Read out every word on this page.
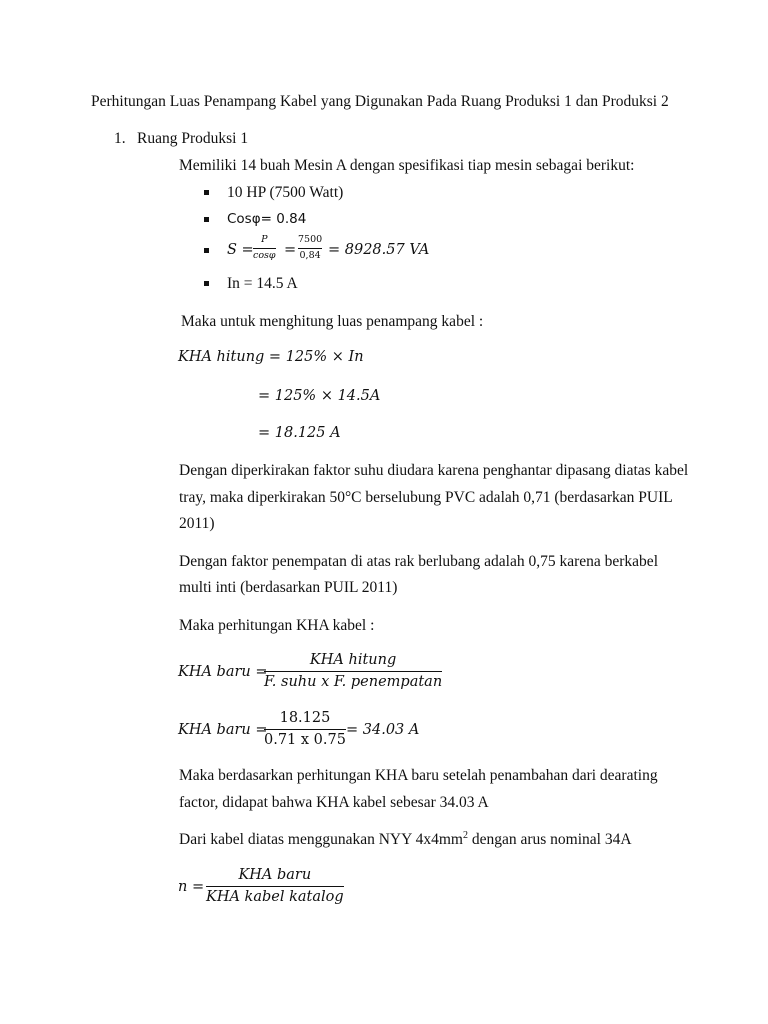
Perhitungan Luas Penampang Kabel yang Digunakan Pada Ruang Produksi 1 dan Produksi 2
1. Ruang Produksi 1
Memiliki 14 buah Mesin A dengan spesifikasi tiap mesin sebagai berikut:
10 HP (7500 Watt)
Cosφ= 0.84
S =
P
cosφ =
7500
0,84 = 8928.57 VA
In = 14.5 A
Maka untuk menghitung luas penampang kabel :
KHA hitung = 125% × In
= 125% × 14.5A
= 18.125 A
Dengan diperkirakan faktor suhu diudara karena penghantar dipasang diatas kabel
tray, maka diperkirakan 50°C berselubung PVC adalah 0,71 (berdasarkan PUIL
2011)
Dengan faktor penempatan di atas rak berlubang adalah 0,75 karena berkabel
multi inti (berdasarkan PUIL 2011)
Maka perhitungan KHA kabel :
KHA baru =
KHA hitung
F. suhu x F. penempatan
KHA baru =
18.125
0.71 x 0.75
= 34.03 A
Maka berdasarkan perhitungan KHA baru setelah penambahan dari dearating
factor, didapat bahwa KHA kabel sebesar 34.03 A
Dari kabel diatas menggunakan NYY $4x4mm^2$ dengan arus nominal 34A
n =
KHA baru
KHA kabel katalog
